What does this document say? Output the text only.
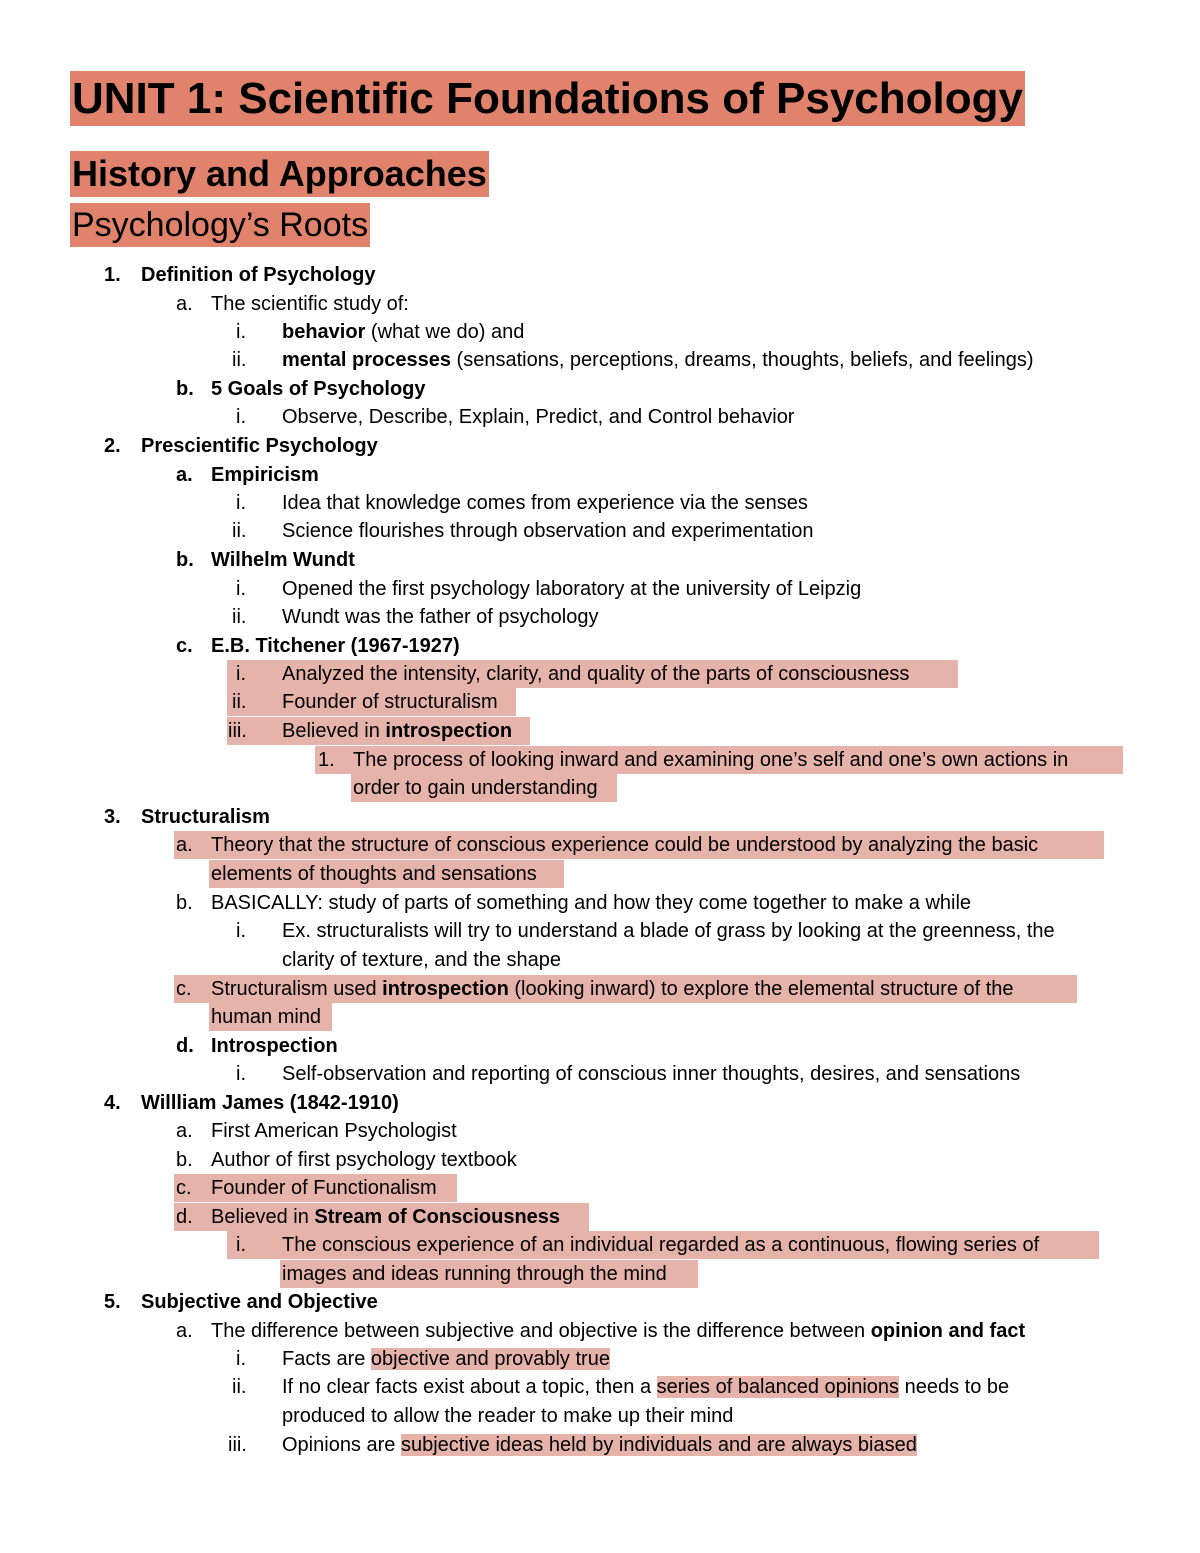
UNIT 1: Scientific Foundations of Psychology
History and Approaches
Psychology’s Roots
1. Definition of Psychology
a. The scientific study of:
i. behavior (what we do) and
ii. mental processes (sensations, perceptions, dreams, thoughts, beliefs, and feelings)
b. 5 Goals of Psychology
i. Observe, Describe, Explain, Predict, and Control behavior
2. Prescientific Psychology
a. Empiricism
i. Idea that knowledge comes from experience via the senses
ii. Science flourishes through observation and experimentation
b. Wilhelm Wundt
i. Opened the first psychology laboratory at the university of Leipzig
ii. Wundt was the father of psychology
c. E.B. Titchener (1967-1927)
i. Analyzed the intensity, clarity, and quality of the parts of consciousness
ii. Founder of structuralism
iii. Believed in introspection
1. The process of looking inward and examining one’s self and one’s own actions in
order to gain understanding
3. Structuralism
a. Theory that the structure of conscious experience could be understood by analyzing the basic
elements of thoughts and sensations
b. BASICALLY: study of parts of something and how they come together to make a while
i. Ex. structuralists will try to understand a blade of grass by looking at the greenness, the
clarity of texture, and the shape
c. Structuralism used introspection (looking inward) to explore the elemental structure of the
human mind
d. Introspection
i. Self-observation and reporting of conscious inner thoughts, desires, and sensations
4. Willliam James (1842-1910)
a. First American Psychologist
b. Author of first psychology textbook
c. Founder of Functionalism
d. Believed in Stream of Consciousness
i. The conscious experience of an individual regarded as a continuous, flowing series of
images and ideas running through the mind
5. Subjective and Objective
a. The difference between subjective and objective is the difference between opinion and fact
i. Facts are objective and provably true
ii. If no clear facts exist about a topic, then a series of balanced opinions needs to be
produced to allow the reader to make up their mind
iii. Opinions are subjective ideas held by individuals and are always biased
